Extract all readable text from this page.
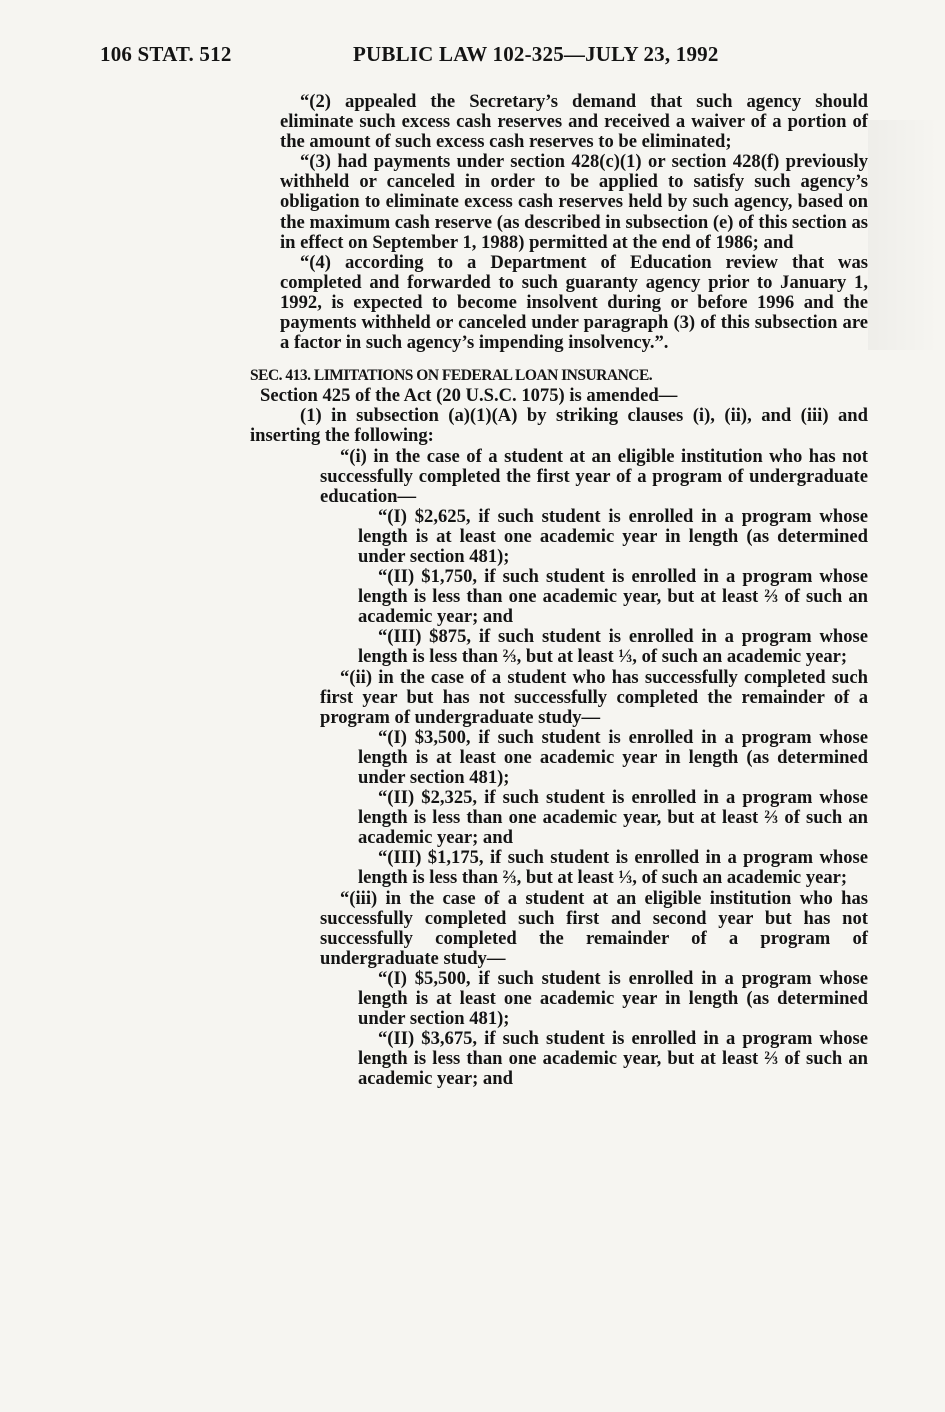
106 STAT. 512	PUBLIC LAW 102-325—JULY 23, 1992

“(2) appealed the Secretary’s demand that such agency should eliminate such excess cash reserves and received a waiver of a portion of the amount of such excess cash reserves to be eliminated;

“(3) had payments under section 428(c)(1) or section 428(f) previously withheld or canceled in order to be applied to satisfy such agency’s obligation to eliminate excess cash reserves held by such agency, based on the maximum cash reserve (as described in subsection (e) of this section as in effect on September 1, 1988) permitted at the end of 1986; and

“(4) according to a Department of Education review that was completed and forwarded to such guaranty agency prior to January 1, 1992, is expected to become insolvent during or before 1996 and the payments withheld or canceled under paragraph (3) of this subsection are a factor in such agency’s impending insolvency.”.

SEC. 413. LIMITATIONS ON FEDERAL LOAN INSURANCE.

Section 425 of the Act (20 U.S.C. 1075) is amended—

(1) in subsection (a)(1)(A) by striking clauses (i), (ii), and (iii) and inserting the following:

“(i) in the case of a student at an eligible institution who has not successfully completed the first year of a program of undergraduate education—

“(I) $2,625, if such student is enrolled in a program whose length is at least one academic year in length (as determined under section 481);

“(II) $1,750, if such student is enrolled in a program whose length is less than one academic year, but at least ⅔ of such an academic year; and

“(III) $875, if such student is enrolled in a program whose length is less than ⅔, but at least ⅓, of such an academic year;

“(ii) in the case of a student who has successfully completed such first year but has not successfully completed the remainder of a program of undergraduate study—

“(I) $3,500, if such student is enrolled in a program whose length is at least one academic year in length (as determined under section 481);

“(II) $2,325, if such student is enrolled in a program whose length is less than one academic year, but at least ⅔ of such an academic year; and

“(III) $1,175, if such student is enrolled in a program whose length is less than ⅔, but at least ⅓, of such an academic year;

“(iii) in the case of a student at an eligible institution who has successfully completed such first and second year but has not successfully completed the remainder of a program of undergraduate study—

“(I) $5,500, if such student is enrolled in a program whose length is at least one academic year in length (as determined under section 481);

“(II) $3,675, if such student is enrolled in a program whose length is less than one academic year, but at least ⅔ of such an academic year; and
